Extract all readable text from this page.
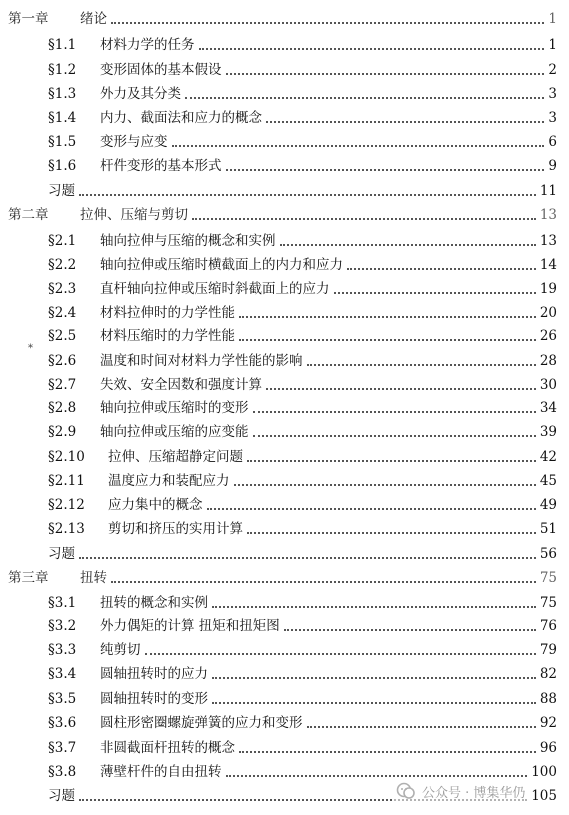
第一章	绪论	1
§1.1	材料力学的任务	1
§1.2	变形固体的基本假设	2
§1.3	外力及其分类	3
§1.4	内力、截面法和应力的概念	3
§1.5	变形与应变	6
§1.6	杆件变形的基本形式	9
习题	11
第二章	拉伸、压缩与剪切	13
§2.1	轴向拉伸与压缩的概念和实例	13
§2.2	轴向拉伸或压缩时横截面上的内力和应力	14
§2.3	直杆轴向拉伸或压缩时斜截面上的应力	19
§2.4	材料拉伸时的力学性能	20
§2.5	材料压缩时的力学性能	26
§2.6	温度和时间对材料力学性能的影响	28
§2.7	失效、安全因数和强度计算	30
§2.8	轴向拉伸或压缩时的变形	34
§2.9	轴向拉伸或压缩的应变能	39
§2.10	拉伸、压缩超静定问题	42
§2.11	温度应力和装配应力	45
§2.12	应力集中的概念	49
§2.13	剪切和挤压的实用计算	51
习题	56
第三章	扭转	75
§3.1	扭转的概念和实例	75
§3.2	外力偶矩的计算 扭矩和扭矩图	76
§3.3	纯剪切	79
§3.4	圆轴扭转时的应力	82
§3.5	圆轴扭转时的变形	88
§3.6	圆柱形密圈螺旋弹簧的应力和变形	92
§3.7	非圆截面杆扭转的概念	96
§3.8	薄壁杆件的自由扭转	100
习题	105
*
公众号 · 博集华仍
